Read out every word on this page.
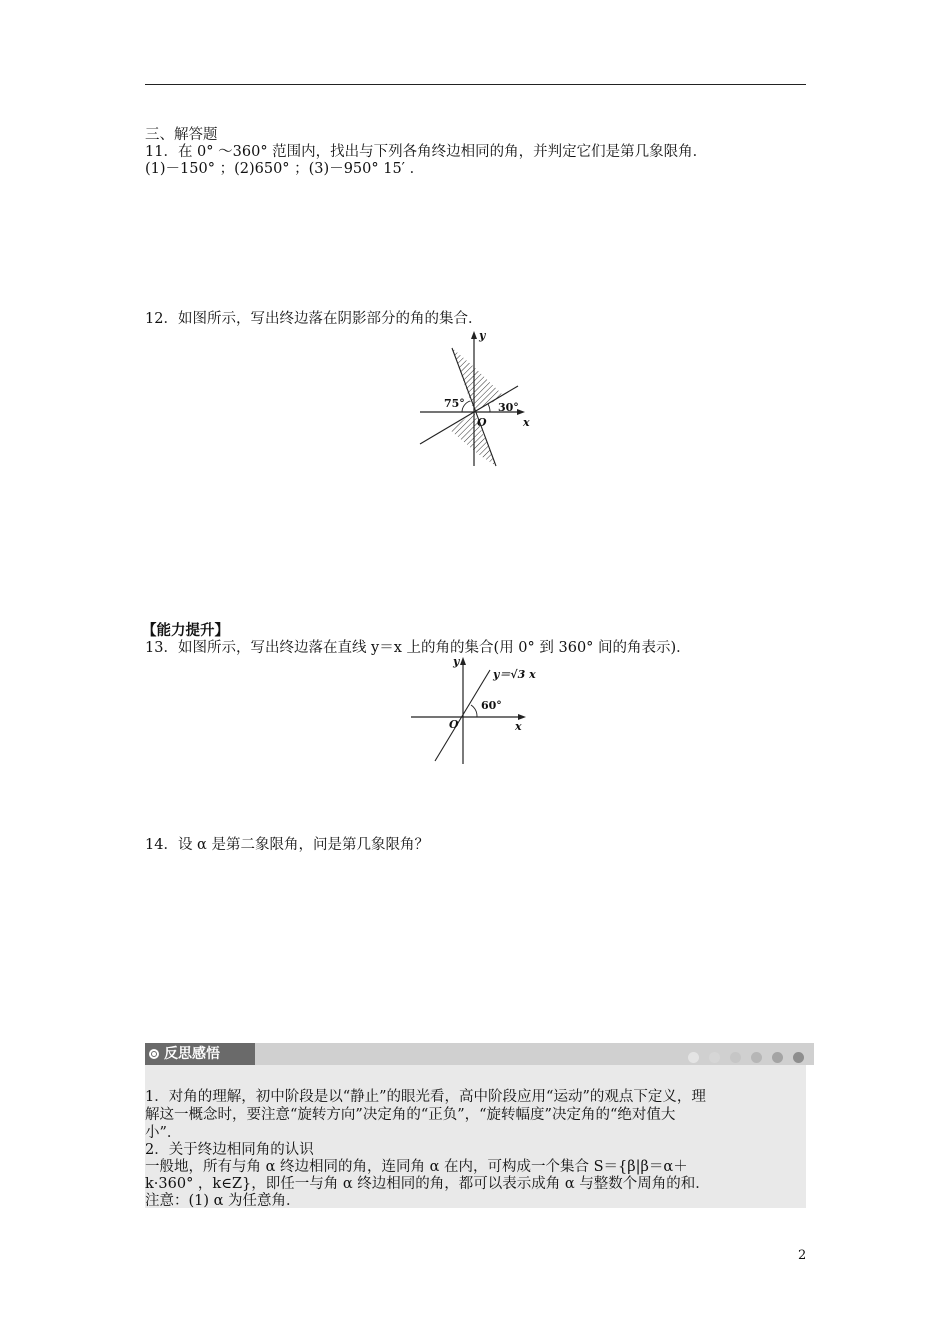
三、解答题
11．在 0° ～360° 范围内，找出与下列各角终边相同的角，并判定它们是第几象限角．
(1)－150° ；(2)650° ；(3)－950° 15′ ．
12．如图所示，写出终边落在阴影部分的角的集合．
y
x
O
75°	30°
【能力提升】
13．如图所示，写出终边落在直线 y＝x 上的角的集合(用 0° 到 360° 间的角表示)．
y
x
O
y＝√3 x
60°
14．设 α 是第二象限角，问是第几象限角？
反思感悟
1．对角的理解，初中阶段是以“静止”的眼光看，高中阶段应用“运动”的观点下定义，理
解这一概念时，要注意“旋转方向”决定角的“正负”，“旋转幅度”决定角的“绝对值大
小”．
2．关于终边相同角的认识
一般地，所有与角 α 终边相同的角，连同角 α 在内，可构成一个集合 S＝{β|β＝α＋
k·360° ，k∈Z}，即任一与角 α 终边相同的角，都可以表示成角 α 与整数个周角的和．
注意：(1) α 为任意角．
2
